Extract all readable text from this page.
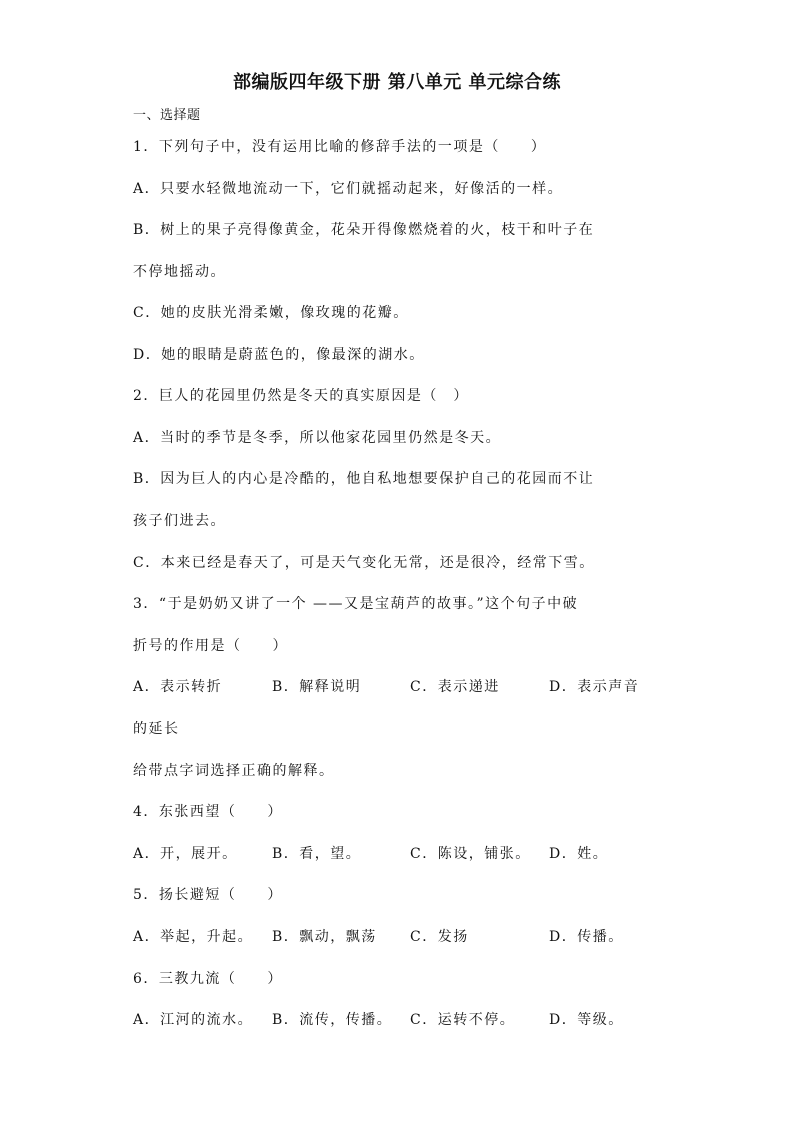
部编版四年级下册 第八单元 单元综合练
一、选择题
1．下列句子中，没有运用比喻的修辞手法的一项是（　　）
A．只要水轻微地流动一下，它们就摇动起来，好像活的一样。
B．树上的果子亮得像黄金，花朵开得像燃烧着的火，枝干和叶子在
不停地摇动。
C．她的皮肤光滑柔嫩，像玫瑰的花瓣。
D．她的眼睛是蔚蓝色的，像最深的湖水。
2．巨人的花园里仍然是冬天的真实原因是（　）
A．当时的季节是冬季，所以他家花园里仍然是冬天。
B．因为巨人的内心是冷酷的，他自私地想要保护自己的花园而不让
孩子们进去。
C．本来已经是春天了，可是天气变化无常，还是很冷，经常下雪。
3．“于是奶奶又讲了一个 ——又是宝葫芦的故事。”这个句子中破
折号的作用是（　　）
A．表示转折	B．解释说明	C．表示递进	D．表示声音
的延长
给带点字词选择正确的解释。
4．东张西望（　　）
A．开，展开。 B．看，望。	C．陈设，铺张。 D．姓。
5．扬长避短（　　）
A．举起，升起。 B．飘动，飘荡 C．发扬	D．传播。
6．三教九流（　　）
A．江河的流水。 B．流传，传播。 C．运转不停。 D．等级。
